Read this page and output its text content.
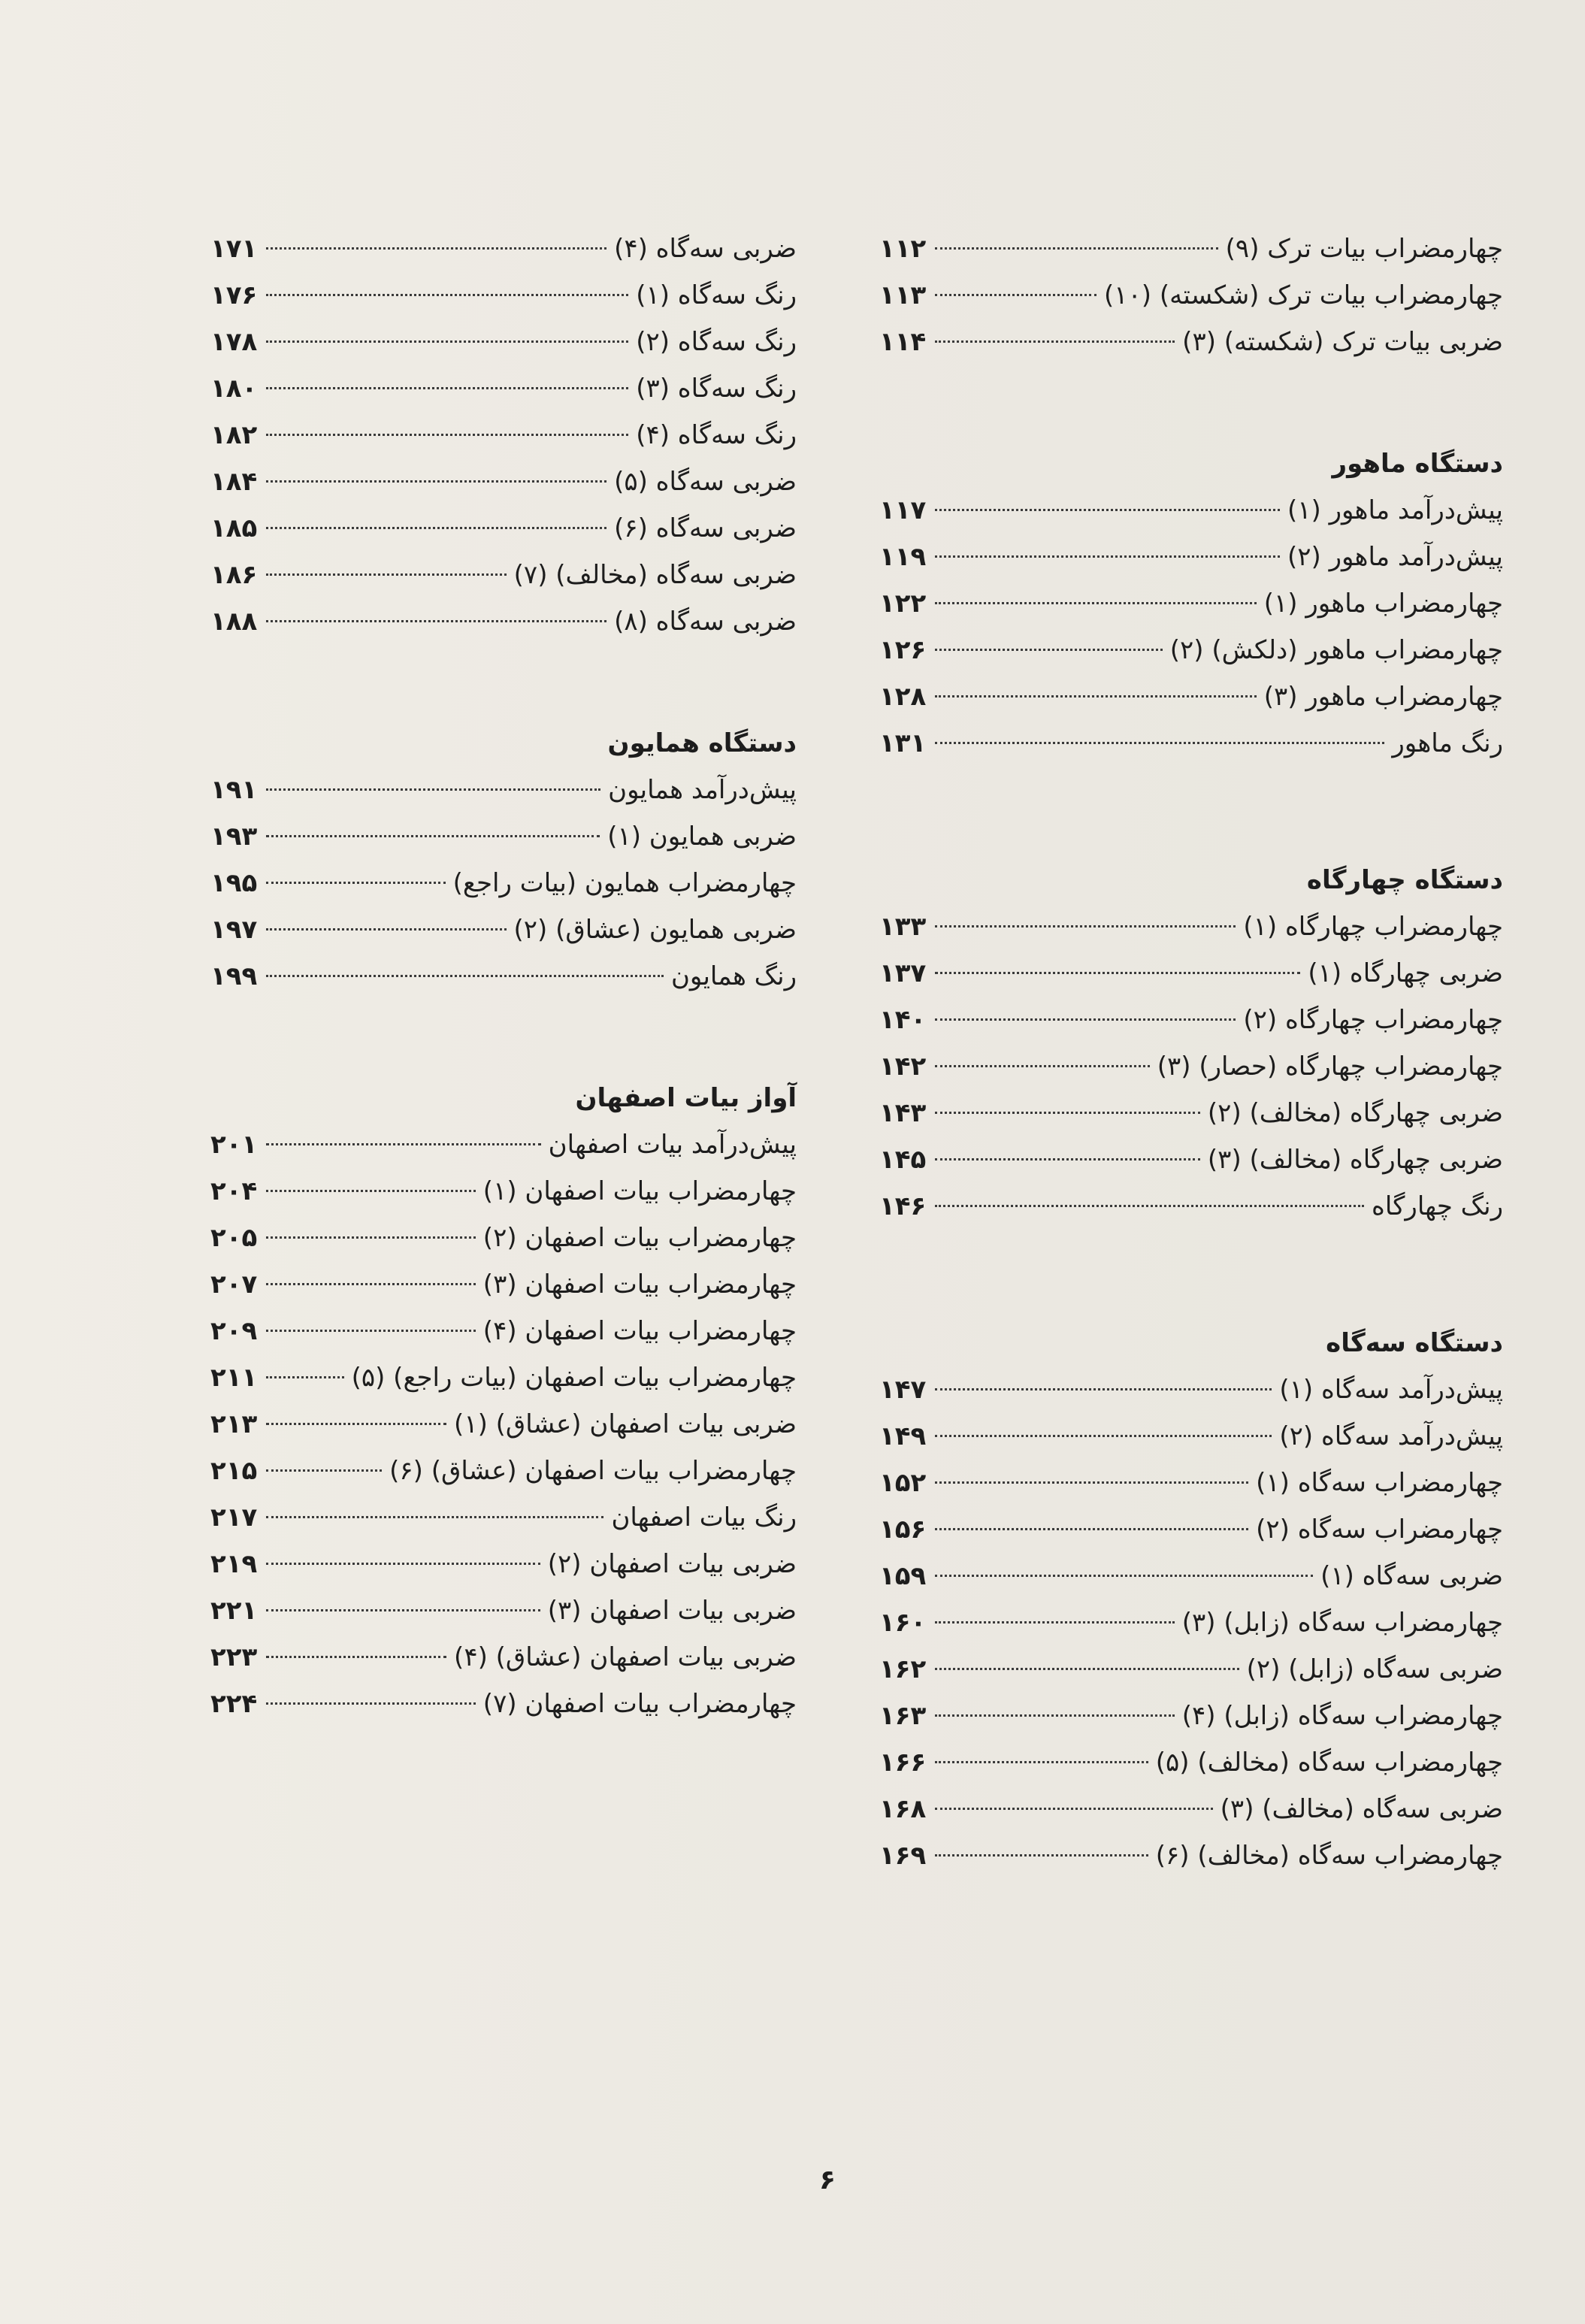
چهارمضراب بیات ترک (۹)
۱۱۲
چهارمضراب بیات ترک (شکسته) (۱۰)
۱۱۳
ضربی بیات ترک (شکسته) (۳)
۱۱۴
دستگاه ماهور
پیش‌درآمد ماهور (۱)
۱۱۷
پیش‌درآمد ماهور (۲)
۱۱۹
چهارمضراب ماهور (۱)
۱۲۲
چهارمضراب ماهور (دلکش) (۲)
۱۲۶
چهارمضراب ماهور (۳)
۱۲۸
رنگ ماهور
۱۳۱
دستگاه چهارگاه
چهارمضراب چهارگاه (۱)
۱۳۳
ضربی چهارگاه (۱)
۱۳۷
چهارمضراب چهارگاه (۲)
۱۴۰
چهارمضراب چهارگاه (حصار) (۳)
۱۴۲
ضربی چهارگاه (مخالف) (۲)
۱۴۳
ضربی چهارگاه (مخالف) (۳)
۱۴۵
رنگ چهارگاه
۱۴۶
دستگاه سه‌گاه
پیش‌درآمد سه‌گاه (۱)
۱۴۷
پیش‌درآمد سه‌گاه (۲)
۱۴۹
چهارمضراب سه‌گاه (۱)
۱۵۲
چهارمضراب سه‌گاه (۲)
۱۵۶
ضربی سه‌گاه (۱)
۱۵۹
چهارمضراب سه‌گاه (زابل) (۳)
۱۶۰
ضربی سه‌گاه (زابل) (۲)
۱۶۲
چهارمضراب سه‌گاه (زابل) (۴)
۱۶۳
چهارمضراب سه‌گاه (مخالف) (۵)
۱۶۶
ضربی سه‌گاه (مخالف) (۳)
۱۶۸
چهارمضراب سه‌گاه (مخالف) (۶)
۱۶۹
ضربی سه‌گاه (۴)
۱۷۱
رنگ سه‌گاه (۱)
۱۷۶
رنگ سه‌گاه (۲)
۱۷۸
رنگ سه‌گاه (۳)
۱۸۰
رنگ سه‌گاه (۴)
۱۸۲
ضربی سه‌گاه (۵)
۱۸۴
ضربی سه‌گاه (۶)
۱۸۵
ضربی سه‌گاه (مخالف) (۷)
۱۸۶
ضربی سه‌گاه (۸)
۱۸۸
دستگاه همایون
پیش‌درآمد همایون
۱۹۱
ضربی همایون (۱)
۱۹۳
چهارمضراب همایون (بیات راجع)
۱۹۵
ضربی همایون (عشاق) (۲)
۱۹۷
رنگ همایون
۱۹۹
آواز بیات اصفهان
پیش‌درآمد بیات اصفهان
۲۰۱
چهارمضراب بیات اصفهان (۱)
۲۰۴
چهارمضراب بیات اصفهان (۲)
۲۰۵
چهارمضراب بیات اصفهان (۳)
۲۰۷
چهارمضراب بیات اصفهان (۴)
۲۰۹
چهارمضراب بیات اصفهان (بیات راجع) (۵)
۲۱۱
ضربی بیات اصفهان (عشاق) (۱)
۲۱۳
چهارمضراب بیات اصفهان (عشاق) (۶)
۲۱۵
رنگ بیات اصفهان
۲۱۷
ضربی بیات اصفهان (۲)
۲۱۹
ضربی بیات اصفهان (۳)
۲۲۱
ضربی بیات اصفهان (عشاق) (۴)
۲۲۳
چهارمضراب بیات اصفهان (۷)
۲۲۴
۶
